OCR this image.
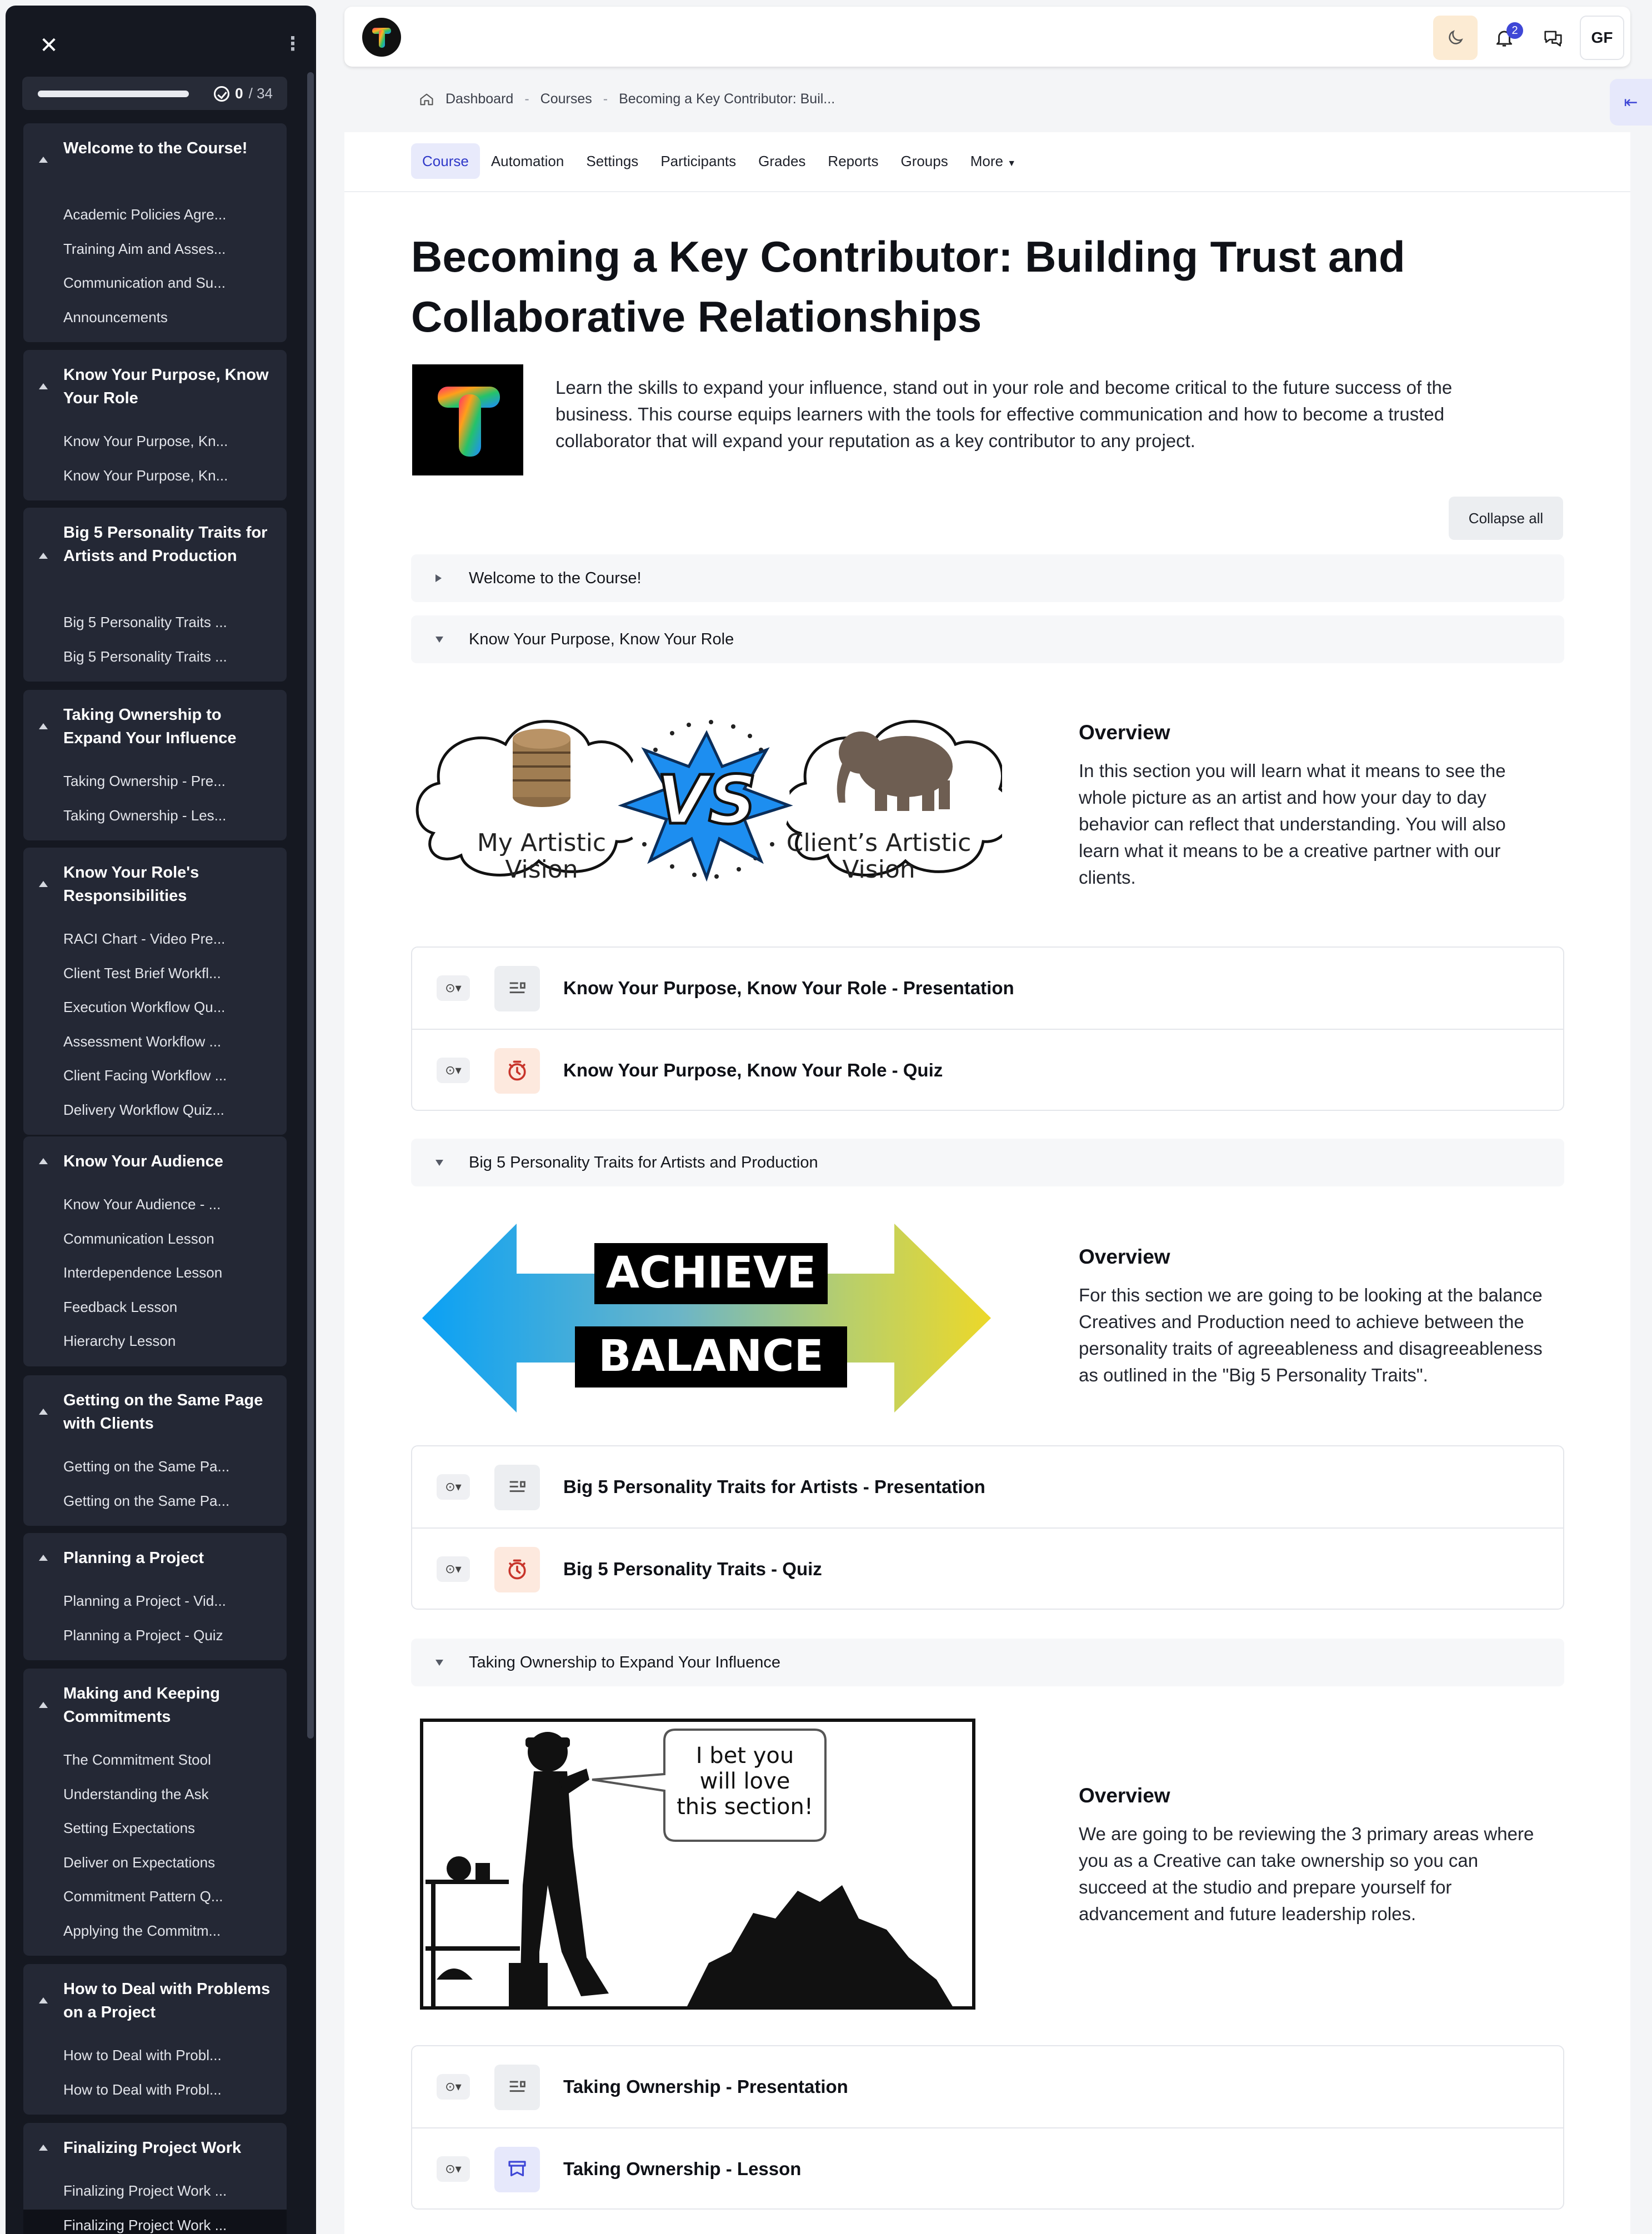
✕	⋮
0 / 34
Welcome to the Course!
Academic Policies Agre...
Training Aim and Asses...
Communication and Su...
Announcements
Know Your Purpose, Know Your Role
Know Your Purpose, Kn...
Know Your Purpose, Kn...
Big 5 Personality Traits for Artists and Production
Big 5 Personality Traits ...
Big 5 Personality Traits ...
Taking Ownership to Expand Your Influence
Taking Ownership - Pre...
Taking Ownership - Les...
Know Your Role's Responsibilities
RACI Chart - Video Pre...
Client Test Brief Workfl...
Execution Workflow Qu...
Assessment Workflow ...
Client Facing Workflow ...
Delivery Workflow Quiz...
Know Your Audience
Know Your Audience - ...
Communication Lesson
Interdependence Lesson
Feedback Lesson
Hierarchy Lesson
Getting on the Same Page with Clients
Getting on the Same Pa...
Getting on the Same Pa...
Planning a Project
Planning a Project - Vid...
Planning a Project - Quiz
Making and Keeping Commitments
The Commitment Stool
Understanding the Ask
Setting Expectations
Deliver on Expectations
Commitment Pattern Q...
Applying the Commitm...
How to Deal with Problems on a Project
How to Deal with Probl...
How to Deal with Probl...
Finalizing Project Work
Finalizing Project Work ...
Finalizing Project Work ...
2	GF
Dashboard - Courses - Becoming a Key Contributor: Buil...	⇤
Course	Automation	Settings	Participants	Grades	Reports	Groups	More ▼
Becoming a Key Contributor: Building Trust and Collaborative Relationships

Learn the skills to expand your influence, stand out in your role and become critical to the future success of the business. This course equips learners with the tools for effective communication and how to become a trusted collaborator that will expand your reputation as a key contributor to any project.

Collapse all
Welcome to the Course!
Know Your Purpose, Know Your Role
VS
My Artistic Vision
Client’s Artistic Vision
Overview

In this section you will learn what it means to see the whole picture as an artist and how your day to day behavior can reflect that understanding. You will also learn what it means to be a creative partner with our clients.

⊙▾	Know Your Purpose, Know Your Role - Presentation
⊙▾	Know Your Purpose, Know Your Role - Quiz
Big 5 Personality Traits for Artists and Production
ACHIEVE
BALANCE
Overview

For this section we are going to be looking at the balance Creatives and Production need to achieve between the personality traits of agreeableness and disagreeableness as outlined in the "Big 5 Personality Traits".

⊙▾	Big 5 Personality Traits for Artists - Presentation
⊙▾	Big 5 Personality Traits - Quiz
Taking Ownership to Expand Your Influence
I bet you will love this section!	Overview

We are going to be reviewing the 3 primary areas where you as a Creative can take ownership so you can succeed at the studio and prepare yourself for advancement and future leadership roles.

⊙▾	Taking Ownership - Presentation
⊙▾	Taking Ownership - Lesson
